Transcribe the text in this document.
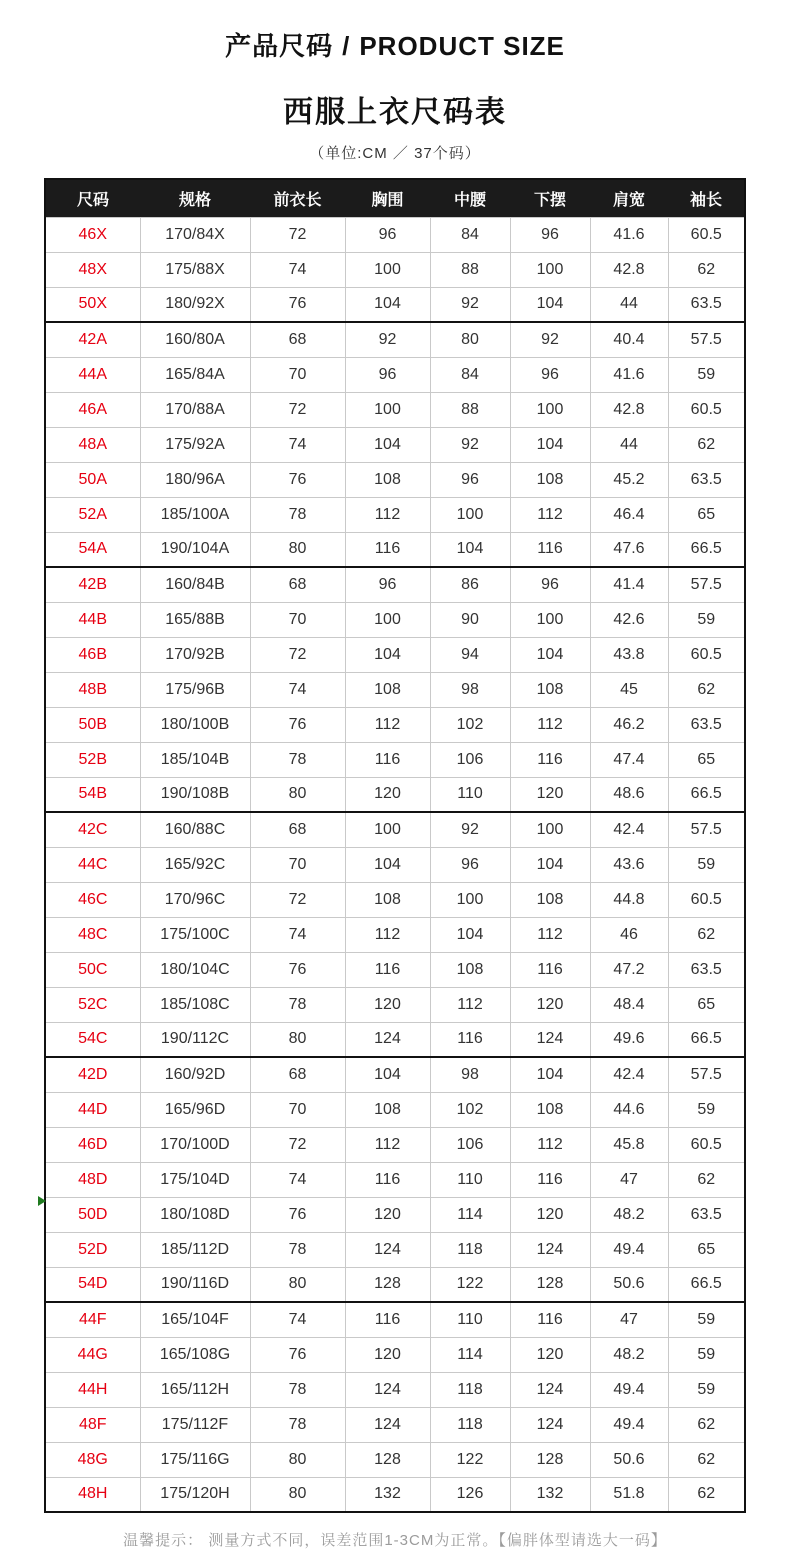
产品尺码 / PRODUCT SIZE
西服上衣尺码表
（单位:CM ／ 37个码）
尺码	规格	前衣长	胸围	中腰	下摆	肩宽	袖长
46X	170/84X	72	96	84	96	41.6	60.5
48X	175/88X	74	100	88	100	42.8	62
50X	180/92X	76	104	92	104	44	63.5
42A	160/80A	68	92	80	92	40.4	57.5
44A	165/84A	70	96	84	96	41.6	59
46A	170/88A	72	100	88	100	42.8	60.5
48A	175/92A	74	104	92	104	44	62
50A	180/96A	76	108	96	108	45.2	63.5
52A	185/100A	78	112	100	112	46.4	65
54A	190/104A	80	116	104	116	47.6	66.5
42B	160/84B	68	96	86	96	41.4	57.5
44B	165/88B	70	100	90	100	42.6	59
46B	170/92B	72	104	94	104	43.8	60.5
48B	175/96B	74	108	98	108	45	62
50B	180/100B	76	112	102	112	46.2	63.5
52B	185/104B	78	116	106	116	47.4	65
54B	190/108B	80	120	110	120	48.6	66.5
42C	160/88C	68	100	92	100	42.4	57.5
44C	165/92C	70	104	96	104	43.6	59
46C	170/96C	72	108	100	108	44.8	60.5
48C	175/100C	74	112	104	112	46	62
50C	180/104C	76	116	108	116	47.2	63.5
52C	185/108C	78	120	112	120	48.4	65
54C	190/112C	80	124	116	124	49.6	66.5
42D	160/92D	68	104	98	104	42.4	57.5
44D	165/96D	70	108	102	108	44.6	59
46D	170/100D	72	112	106	112	45.8	60.5
48D	175/104D	74	116	110	116	47	62
50D	180/108D	76	120	114	120	48.2	63.5
52D	185/112D	78	124	118	124	49.4	65
54D	190/116D	80	128	122	128	50.6	66.5
44F	165/104F	74	116	110	116	47	59
44G	165/108G	76	120	114	120	48.2	59
44H	165/112H	78	124	118	124	49.4	59
48F	175/112F	78	124	118	124	49.4	62
48G	175/116G	80	128	122	128	50.6	62
48H	175/120H	80	132	126	132	51.8	62
温馨提示： 测量方式不同，误差范围1-3CM为正常。【偏胖体型请选大一码】
